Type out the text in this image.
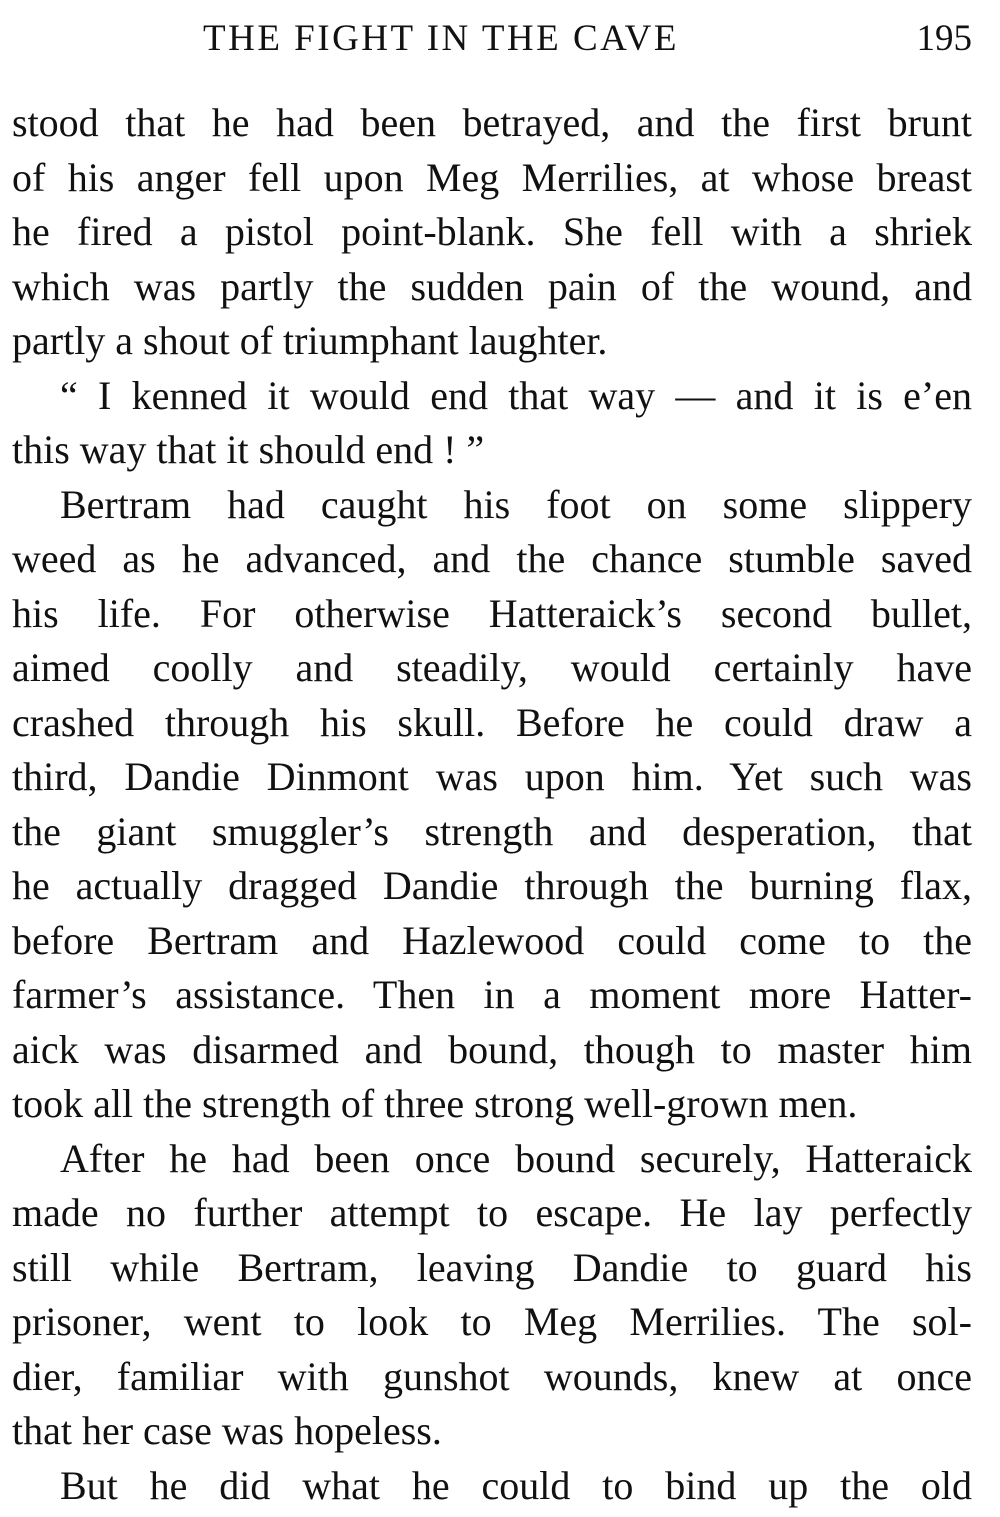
THE FIGHT IN THE CAVE	195
stood that he had been betrayed, and the first brunt
of his anger fell upon Meg Merrilies, at whose breast
he fired a pistol point-blank. She fell with a shriek
which was partly the sudden pain of the wound, and
partly a shout of triumphant laughter.
“ I kenned it would end that way — and it is e’en
this way that it should end ! ”
Bertram had caught his foot on some slippery
weed as he advanced, and the chance stumble saved
his life. For otherwise Hatteraick’s second bullet,
aimed coolly and steadily, would certainly have
crashed through his skull. Before he could draw a
third, Dandie Dinmont was upon him. Yet such was
the giant smuggler’s strength and desperation, that
he actually dragged Dandie through the burning flax,
before Bertram and Hazlewood could come to the
farmer’s assistance. Then in a moment more Hatter-
aick was disarmed and bound, though to master him
took all the strength of three strong well-grown men.
After he had been once bound securely, Hatteraick
made no further attempt to escape. He lay perfectly
still while Bertram, leaving Dandie to guard his
prisoner, went to look to Meg Merrilies. The sol-
dier, familiar with gunshot wounds, knew at once
that her case was hopeless.
But he did what he could to bind up the old
